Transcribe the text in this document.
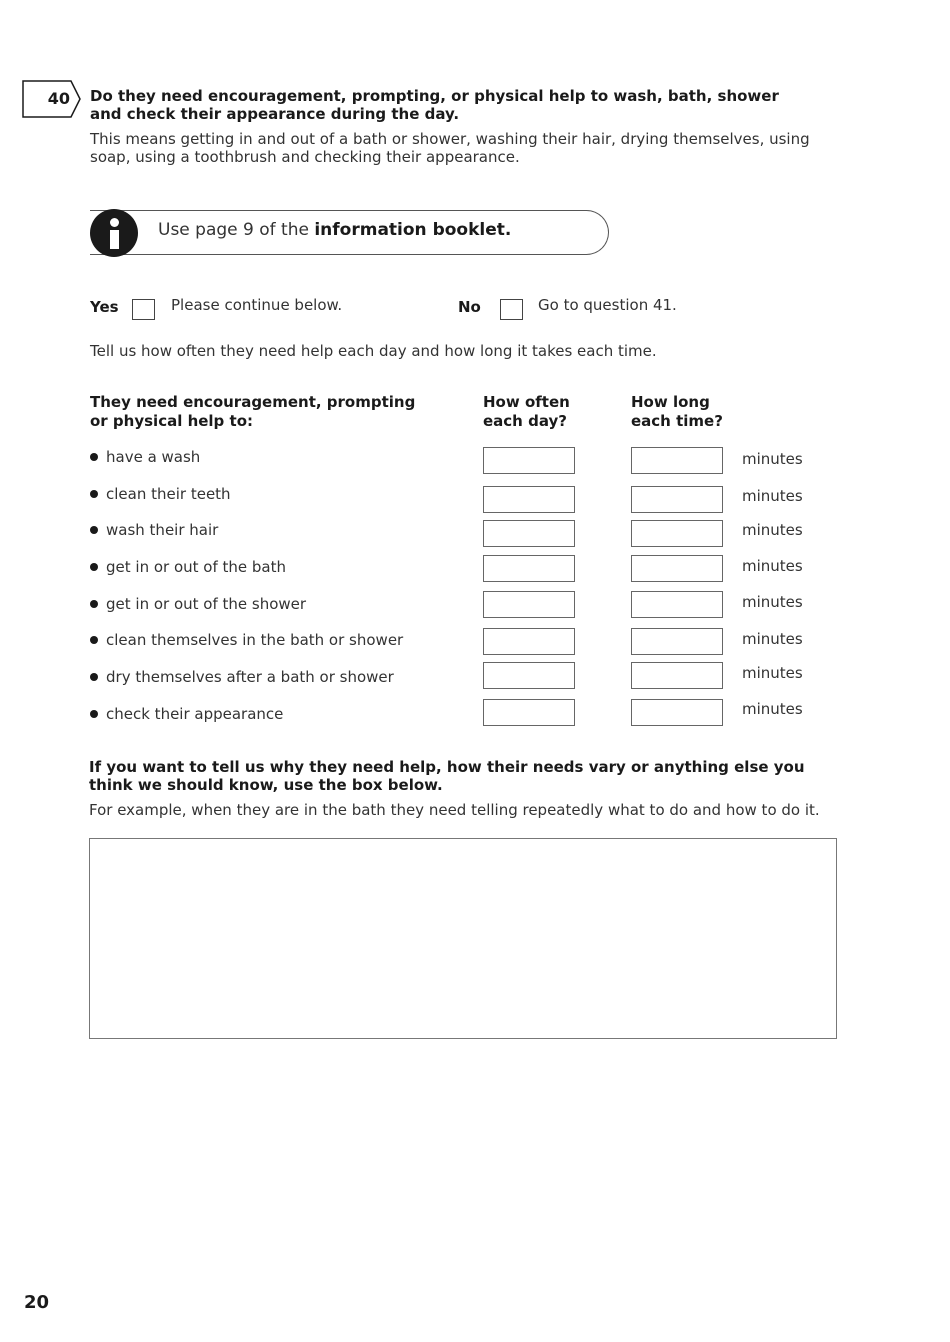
40 Do they need encouragement, prompting, or physical help to wash, bath, shower and check their appearance during the day.
This means getting in and out of a bath or shower, washing their hair, drying themselves, using soap, using a toothbrush and checking their appearance.
Use page 9 of the information booklet.
Yes	Please continue below.	No	Go to question 41.
Tell us how often they need help each day and how long it takes each time.
They need encouragement, prompting
or physical help to:
How often
each day?
How long
each time?
have a wash	minutes
clean their teeth	minutes
wash their hair	minutes
get in or out of the bath	minutes
get in or out of the shower	minutes
clean themselves in the bath or shower	minutes
dry themselves after a bath or shower	minutes
check their appearance	minutes
If you want to tell us why they need help, how their needs vary or anything else you think we should know, use the box below.
For example, when they are in the bath they need telling repeatedly what to do and how to do it.
20
